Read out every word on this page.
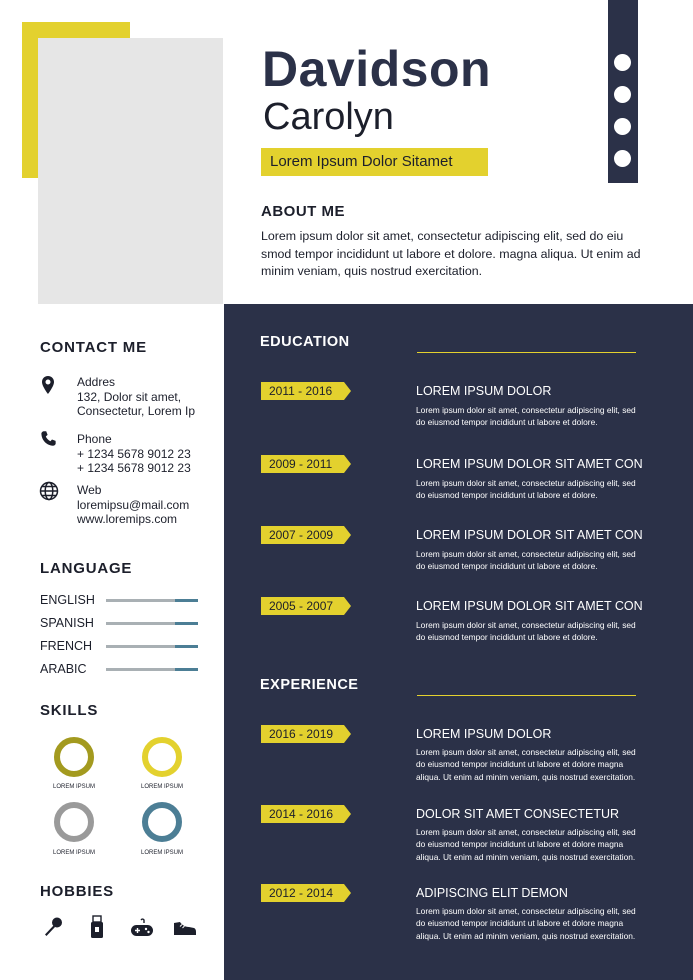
Davidson
Carolyn
Lorem Ipsum Dolor Sitamet
ABOUT ME
Lorem ipsum dolor sit amet, consectetur adipiscing elit, sed do eiu smod tempor incididunt ut labore et dolore. magna aliqua. Ut enim ad minim veniam, quis nostrud exercitation.
CONTACT ME
Addres
132, Dolor sit amet,
Consectetur, Lorem Ip
Phone
+ 1234 5678 9012 23
+ 1234 5678 9012 23
Web
loremipsu@mail.com
www.loremips.com
LANGUAGE
ENGLISH
SPANISH
FRENCH
ARABIC
SKILLS
LOREM IPSUM	LOREM IPSUM
LOREM IPSUM	LOREM IPSUM
HOBBIES
EDUCATION
2011 - 2016	LOREM IPSUM DOLOR
Lorem ipsum dolor sit amet, consectetur adipiscing elit, sed do eiusmod tempor incididunt ut labore et dolore.
2009 - 2011	LOREM IPSUM DOLOR SIT AMET CON
Lorem ipsum dolor sit amet, consectetur adipiscing elit, sed do eiusmod tempor incididunt ut labore et dolore.
2007 - 2009	LOREM IPSUM DOLOR SIT AMET CON
Lorem ipsum dolor sit amet, consectetur adipiscing elit, sed do eiusmod tempor incididunt ut labore et dolore.
2005 - 2007	LOREM IPSUM DOLOR SIT AMET CON
Lorem ipsum dolor sit amet, consectetur adipiscing elit, sed do eiusmod tempor incididunt ut labore et dolore.
EXPERIENCE
2016 - 2019	LOREM IPSUM DOLOR
Lorem ipsum dolor sit amet, consectetur adipiscing elit, sed do eiusmod tempor incididunt ut labore et dolore magna aliqua. Ut enim ad minim veniam, quis nostrud exercitation.
2014 - 2016	DOLOR SIT AMET CONSECTETUR
Lorem ipsum dolor sit amet, consectetur adipiscing elit, sed do eiusmod tempor incididunt ut labore et dolore magna aliqua. Ut enim ad minim veniam, quis nostrud exercitation.
2012 - 2014	ADIPISCING ELIT DEMON
Lorem ipsum dolor sit amet, consectetur adipiscing elit, sed do eiusmod tempor incididunt ut labore et dolore magna aliqua. Ut enim ad minim veniam, quis nostrud exercitation.
